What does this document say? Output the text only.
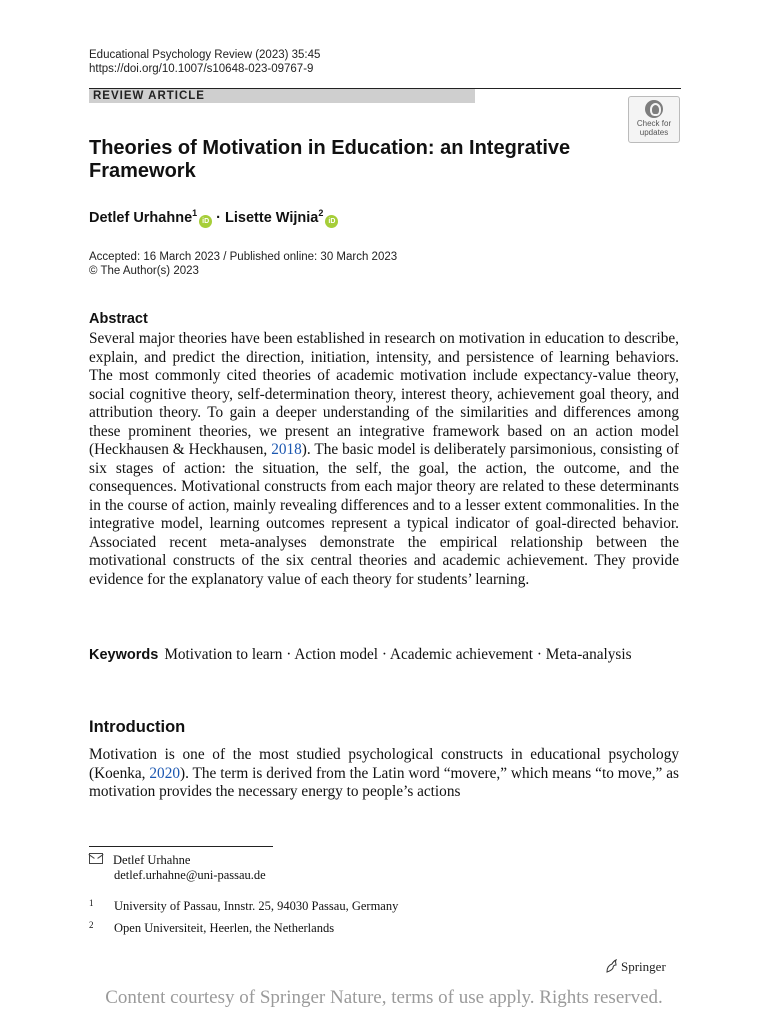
Educational Psychology Review (2023) 35:45
https://doi.org/10.1007/s10648-023-09767-9
REVIEW ARTICLE
Check for
updates
Theories of Motivation in Education: an Integrative Framework
Detlef Urhahne$^1$iD · Lisette Wijnia$^2$iD
Accepted: 16 March 2023 / Published online: 30 March 2023
© The Author(s) 2023
Abstract
Several major theories have been established in research on motivation in education to describe, explain, and predict the direction, initiation, intensity, and persistence of learning behaviors. The most commonly cited theories of academic motivation include expectancy-value theory, social cognitive theory, self-determination theory, interest theory, achievement goal theory, and attribution theory. To gain a deeper understanding of the similarities and differences among these prominent theories, we present an integrative framework based on an action model (Heckhausen & Heckhausen, 2018). The basic model is deliberately parsimonious, consisting of six stages of action: the situation, the self, the goal, the action, the outcome, and the consequences. Motivational constructs from each major theory are related to these determinants in the course of action, mainly revealing differences and to a lesser extent commonalities. In the integrative model, learning outcomes represent a typical indicator of goal-directed behavior. Associated recent meta-analyses demonstrate the empirical relationship between the motivational constructs of the six central theories and academic achievement. They provide evidence for the explanatory value of each theory for students’ learning.
Keywords Motivation to learn · Action model · Academic achievement · Meta-analysis
Introduction
Motivation is one of the most studied psychological constructs in educational psychology (Koenka, 2020). The term is derived from the Latin word “movere,” which means “to move,” as motivation provides the necessary energy to people’s actions
Detlef Urhahne
detlef.urhahne@uni-passau.de
$^1$ University of Passau, Innstr. 25, 94030 Passau, Germany
$^2$ Open Universiteit, Heerlen, the Netherlands
Springer
Content courtesy of Springer Nature, terms of use apply. Rights reserved.
